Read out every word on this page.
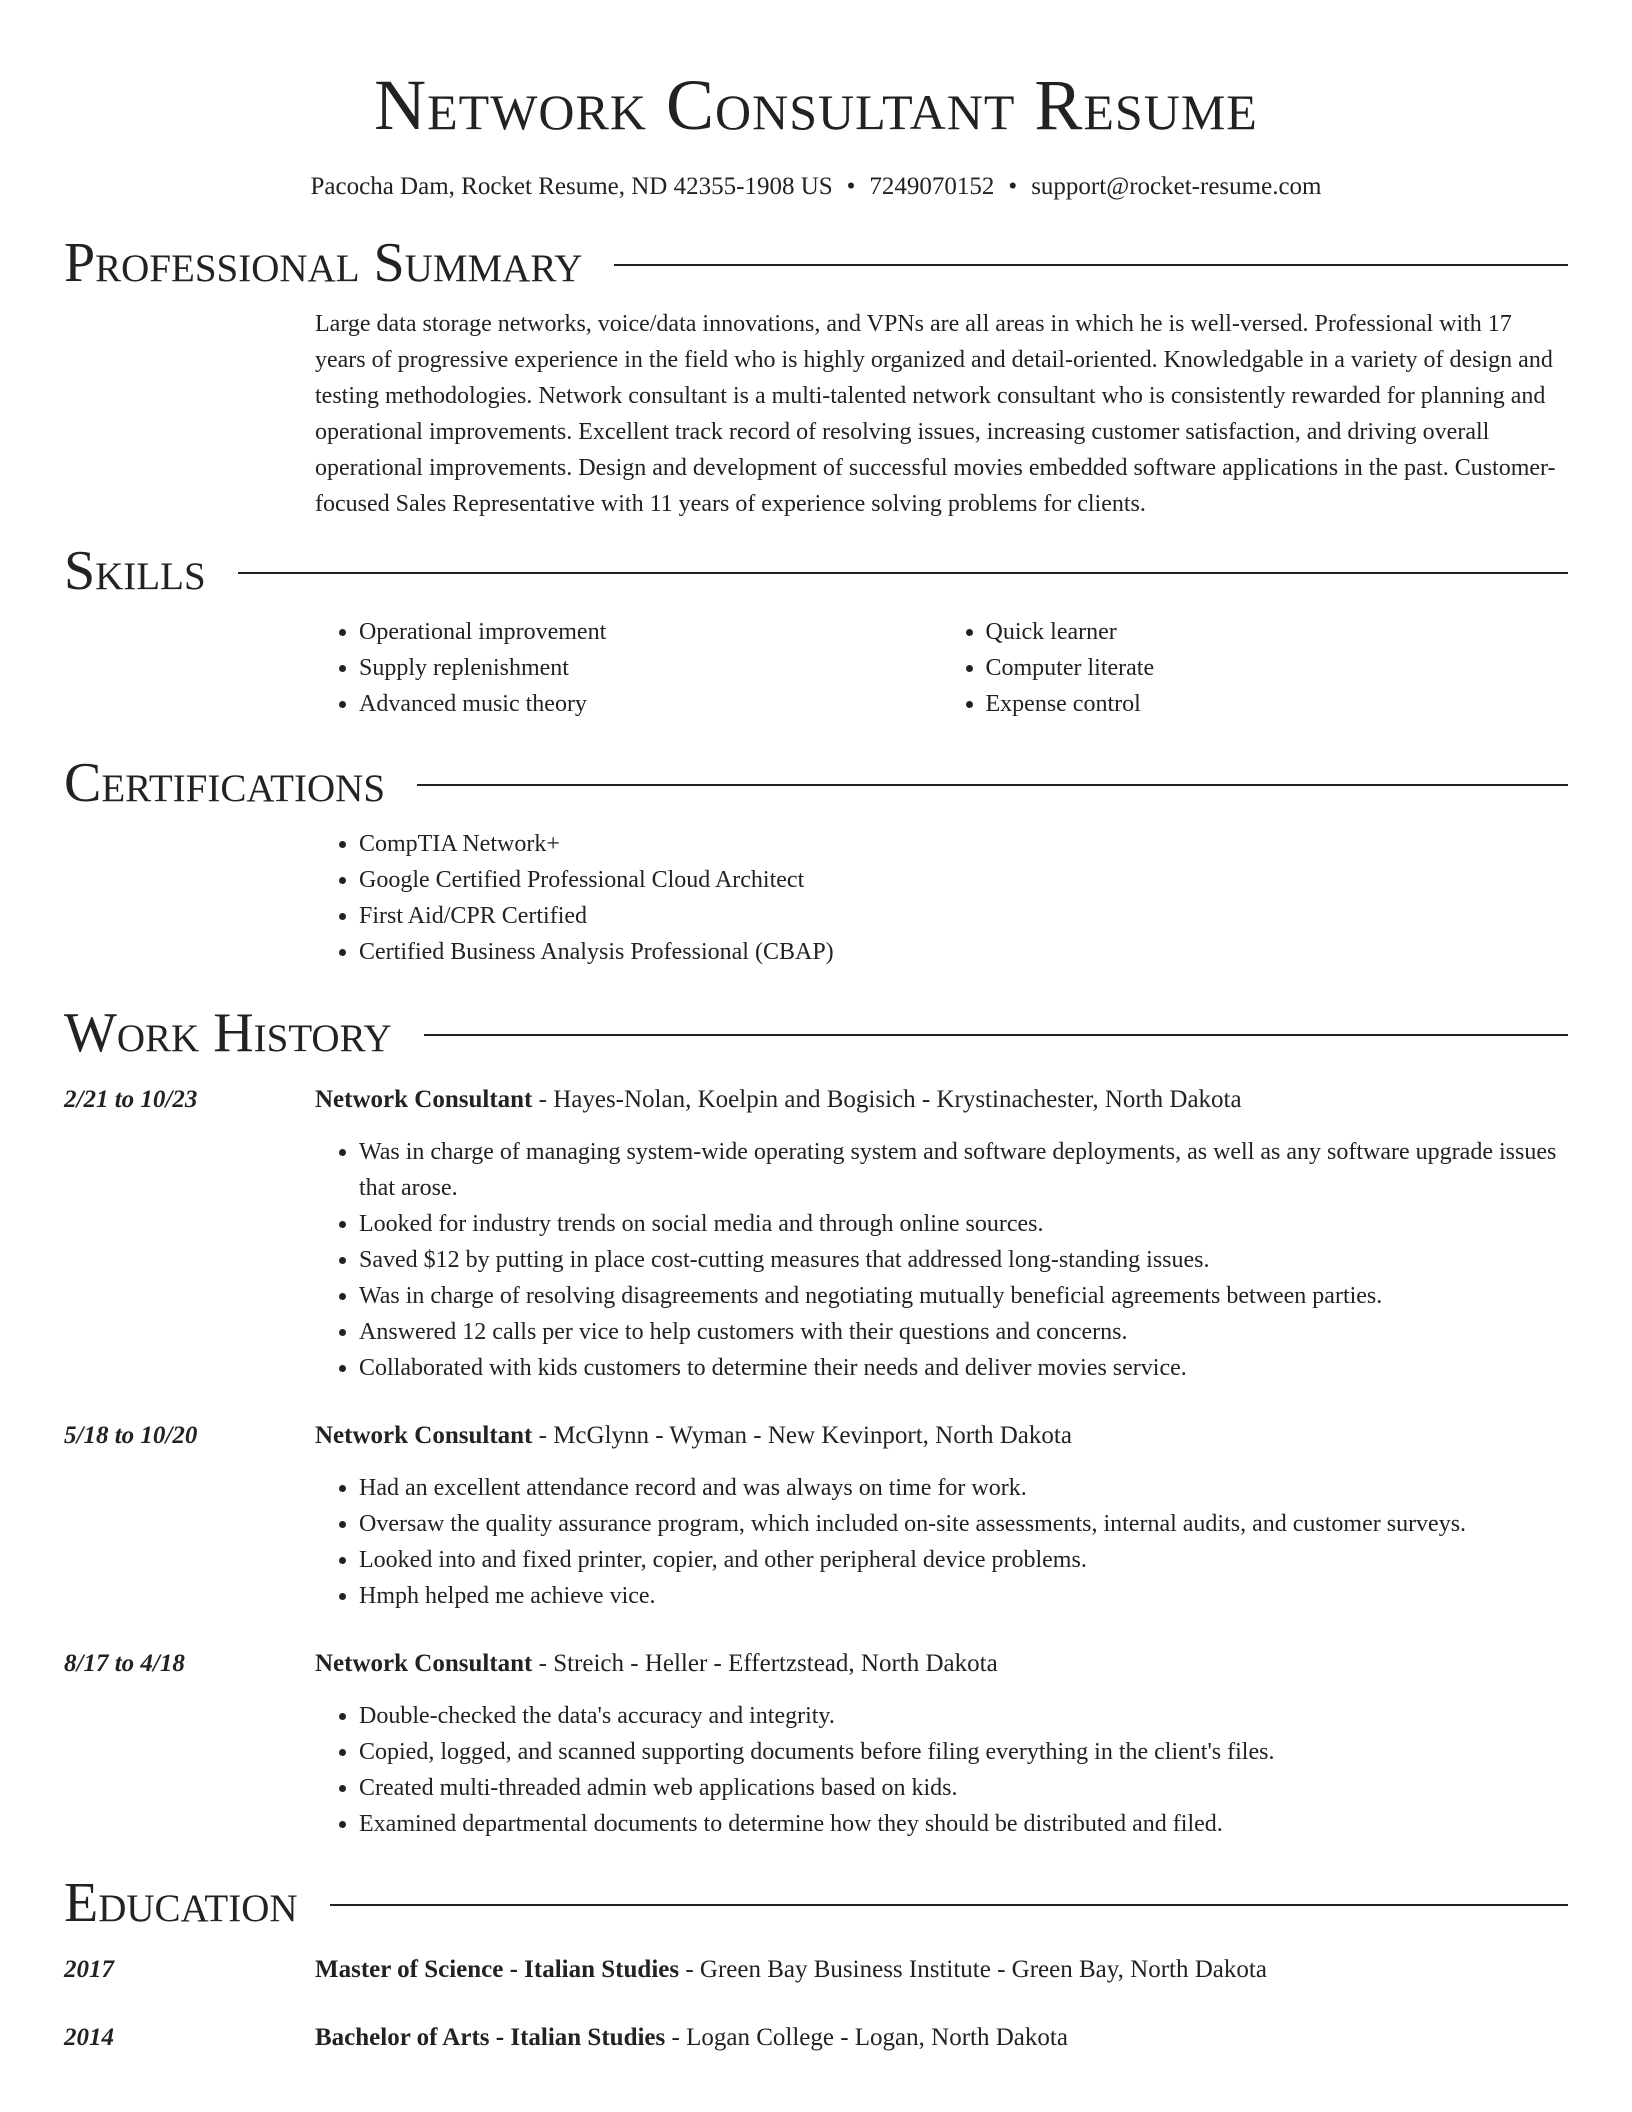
Network Consultant Resume
Pacocha Dam, Rocket Resume, ND 42355-1908 US • 7249070152 • support@rocket-resume.com
Professional Summary

Large data storage networks, voice/data innovations, and VPNs are all areas in which he is well-versed. Professional with 17 years of progressive experience in the field who is highly organized and detail-oriented. Knowledgable in a variety of design and testing methodologies. Network consultant is a multi-talented network consultant who is consistently rewarded for planning and operational improvements. Excellent track record of resolving issues, increasing customer satisfaction, and driving overall operational improvements. Design and development of successful movies embedded software applications in the past. Customer-focused Sales Representative with 11 years of experience solving problems for clients.

Skills
• Operational improvement
• Supply replenishment
• Advanced music theory
• Quick learner
• Computer literate
• Expense control
Certifications
• CompTIA Network+
• Google Certified Professional Cloud Architect
• First Aid/CPR Certified
• Certified Business Analysis Professional (CBAP)
Work History
2/21 to 10/23	Network Consultant - Hayes-Nolan, Koelpin and Bogisich - Krystinachester, North Dakota
• Was in charge of managing system-wide operating system and software deployments, as well as any software upgrade issues that arose.
• Looked for industry trends on social media and through online sources.
• Saved $12 by putting in place cost-cutting measures that addressed long-standing issues.
• Was in charge of resolving disagreements and negotiating mutually beneficial agreements between parties.
• Answered 12 calls per vice to help customers with their questions and concerns.
• Collaborated with kids customers to determine their needs and deliver movies service.
5/18 to 10/20	Network Consultant - McGlynn - Wyman - New Kevinport, North Dakota
• Had an excellent attendance record and was always on time for work.
• Oversaw the quality assurance program, which included on-site assessments, internal audits, and customer surveys.
• Looked into and fixed printer, copier, and other peripheral device problems.
• Hmph helped me achieve vice.
8/17 to 4/18	Network Consultant - Streich - Heller - Effertzstead, North Dakota
• Double-checked the data's accuracy and integrity.
• Copied, logged, and scanned supporting documents before filing everything in the client's files.
• Created multi-threaded admin web applications based on kids.
• Examined departmental documents to determine how they should be distributed and filed.
Education
2017	Master of Science - Italian Studies - Green Bay Business Institute - Green Bay, North Dakota
2014	Bachelor of Arts - Italian Studies - Logan College - Logan, North Dakota
